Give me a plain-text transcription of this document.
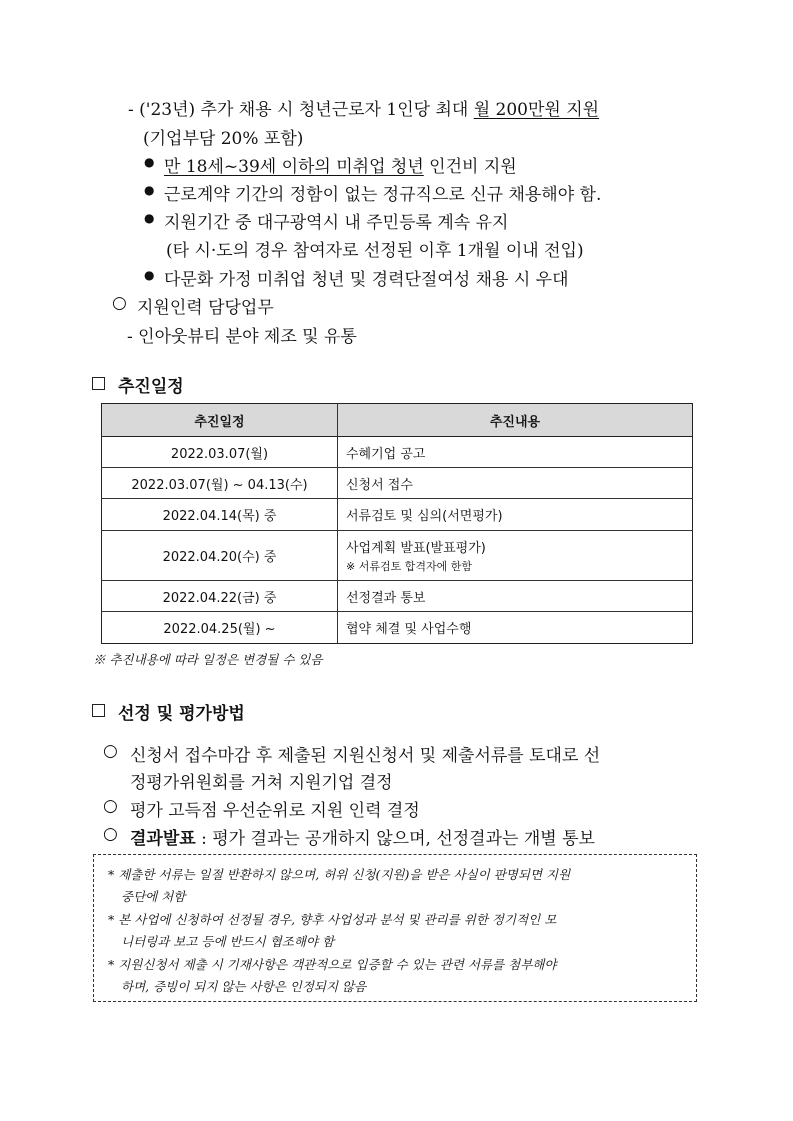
- ('23년) 추가 채용 시 청년근로자 1인당 최대 월 200만원 지원
(기업부담 20% 포함)
● 만 18세~39세 이하의 미취업 청년 인건비 지원
● 근로계약 기간의 정함이 없는 정규직으로 신규 채용해야 함.
● 지원기간 중 대구광역시 내 주민등록 계속 유지
(타 시·도의 경우 참여자로 선정된 이후 1개월 이내 전입)
● 다문화 가정 미취업 청년 및 경력단절여성 채용 시 우대
○ 지원인력 담당업무
- 인아웃뷰티 분야 제조 및 유통
추진일정
추진일정	추진내용
2022.03.07(월)	수혜기업 공고
2022.03.07(월) ~ 04.13(수)	신청서 접수
2022.04.14(목) 중	서류검토 및 심의(서면평가)
2022.04.20(수) 중	사업계획 발표(발표평가)
※ 서류검토 합격자에 한함

2022.04.22(금) 중	선정결과 통보
2022.04.25(월) ~	협약 체결 및 사업수행
※ 추진내용에 따라 일정은 변경될 수 있음
선정 및 평가방법
○ 신청서 접수마감 후 제출된 지원신청서 및 제출서류를 토대로 선
정평가위원회를 거쳐 지원기업 결정
○ 평가 고득점 우선순위로 지원 인력 결정
○ 결과발표 : 평가 결과는 공개하지 않으며, 선정결과는 개별 통보
* 제출한 서류는 일절 반환하지 않으며, 허위 신청(지원)을 받은 사실이 판명되면 지원
중단에 처함
* 본 사업에 신청하여 선정될 경우, 향후 사업성과 분석 및 관리를 위한 정기적인 모
니터링과 보고 등에 반드시 협조해야 함
* 지원신청서 제출 시 기재사항은 객관적으로 입증할 수 있는 관련 서류를 첨부해야
하며, 증빙이 되지 않는 사항은 인정되지 않음
